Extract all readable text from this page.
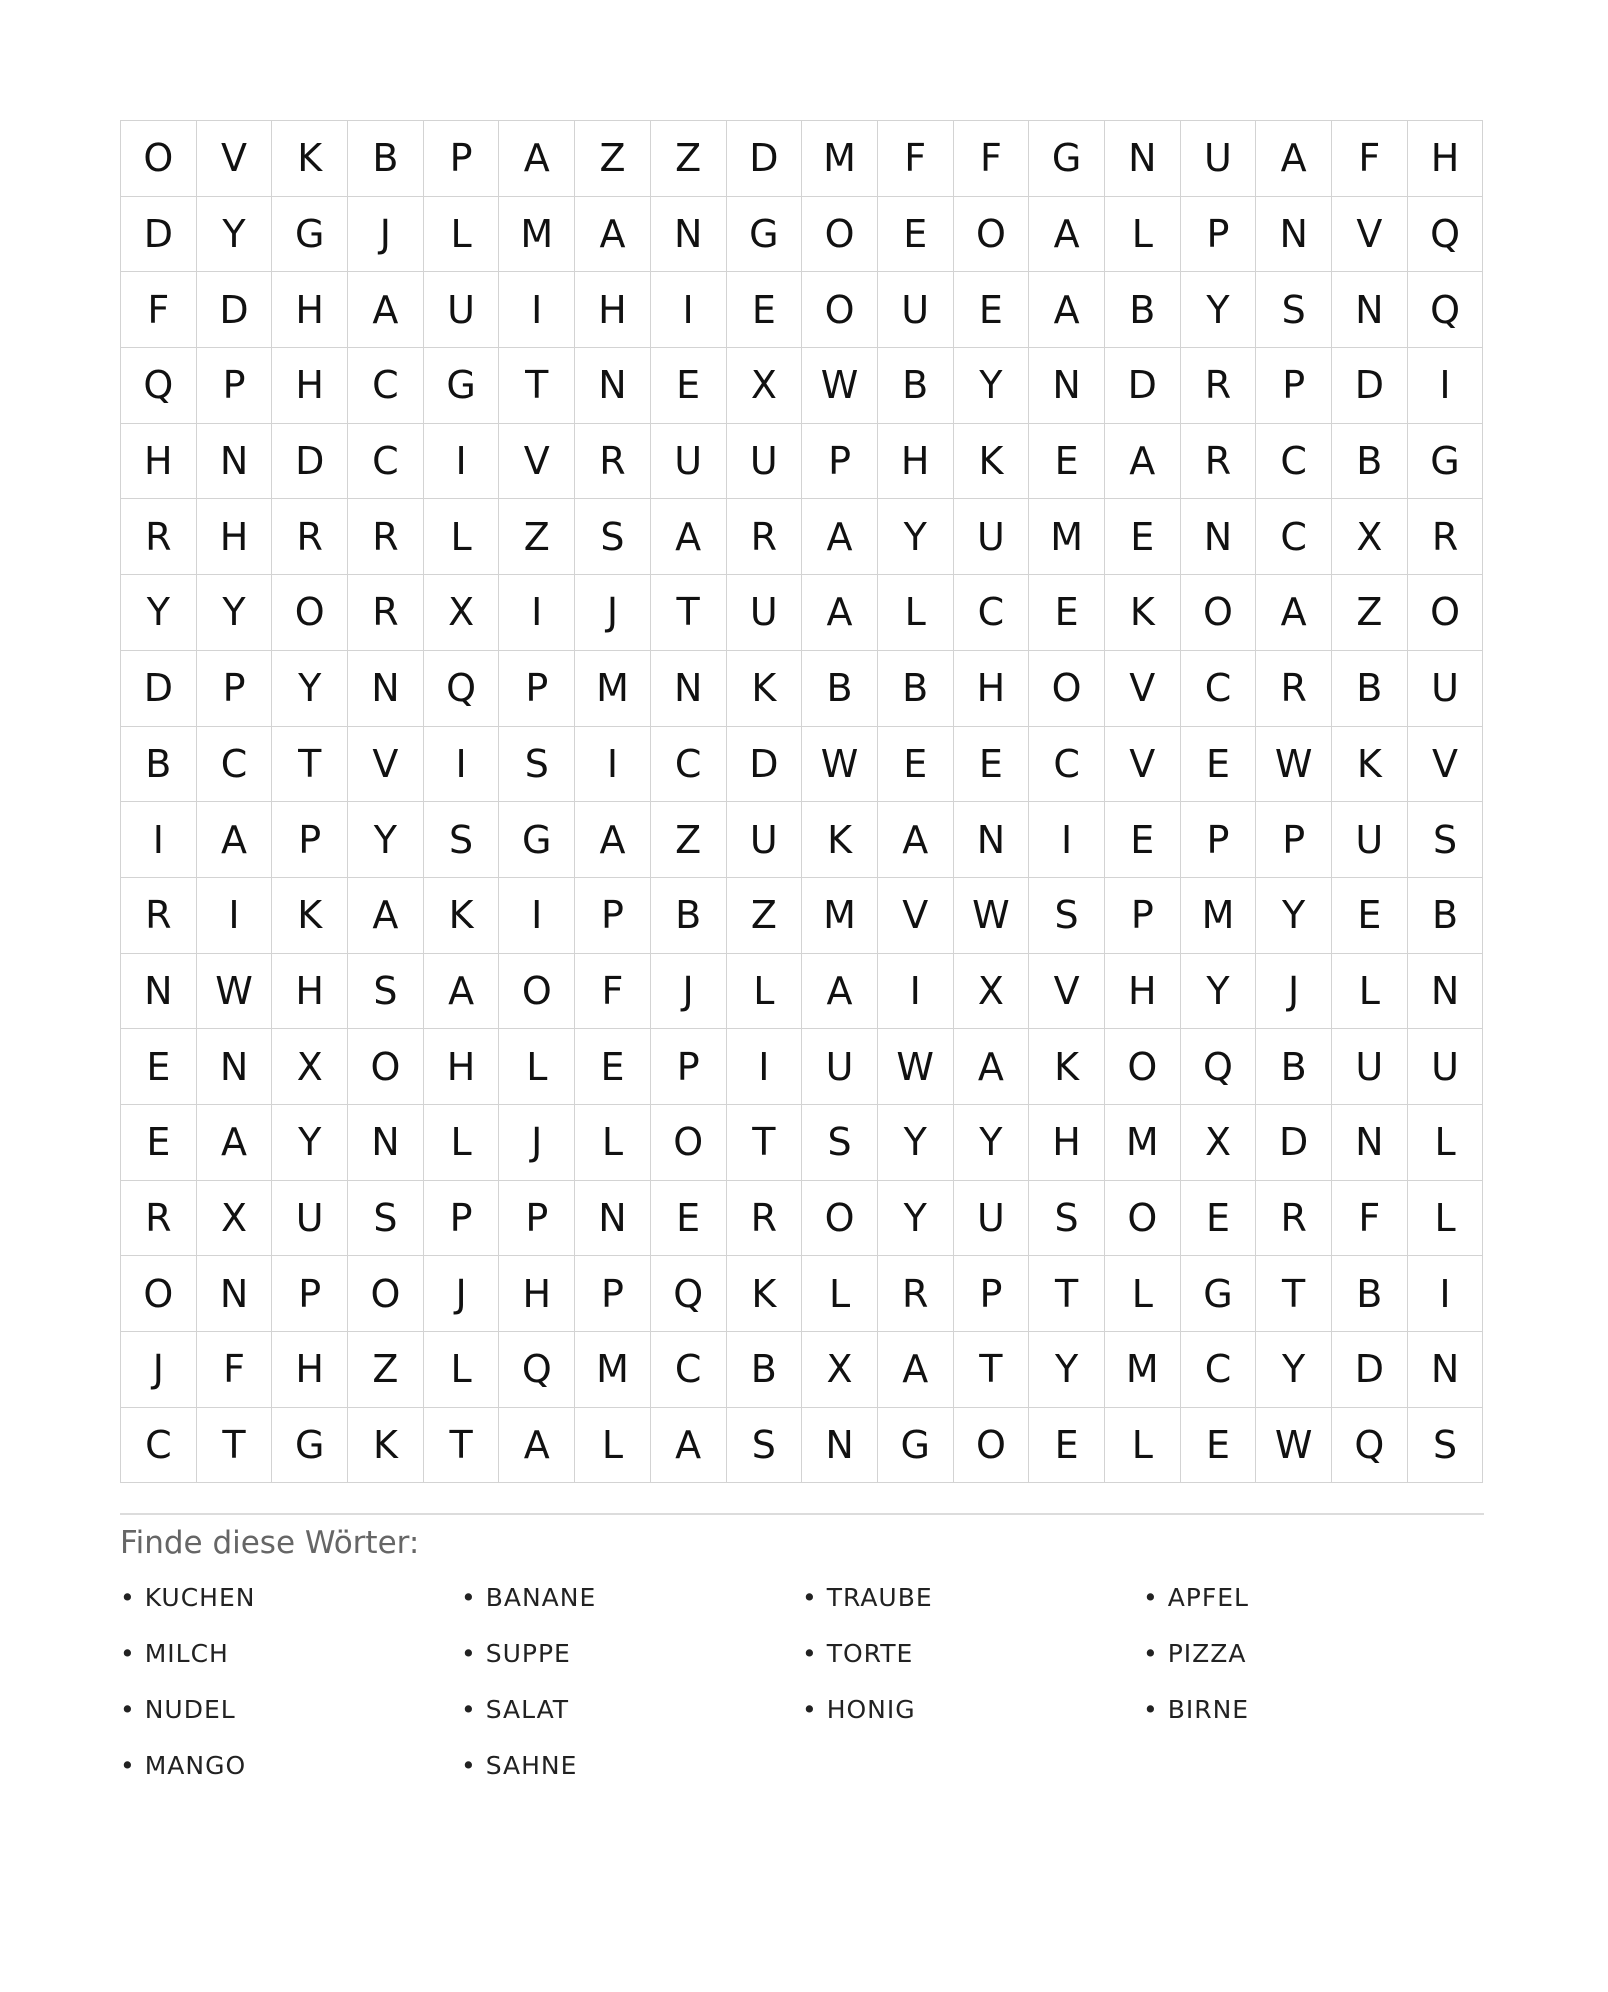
O	V	K	B	P	A	Z	Z	D	M	F	F	G	N	U	A	F	H
D	Y	G	J	L	M	A	N	G	O	E	O	A	L	P	N	V	Q
F	D	H	A	U	I	H	I	E	O	U	E	A	B	Y	S	N	Q
Q	P	H	C	G	T	N	E	X	W	B	Y	N	D	R	P	D	I
H	N	D	C	I	V	R	U	U	P	H	K	E	A	R	C	B	G
R	H	R	R	L	Z	S	A	R	A	Y	U	M	E	N	C	X	R
Y	Y	O	R	X	I	J	T	U	A	L	C	E	K	O	A	Z	O
D	P	Y	N	Q	P	M	N	K	B	B	H	O	V	C	R	B	U
B	C	T	V	I	S	I	C	D	W	E	E	C	V	E	W	K	V
I	A	P	Y	S	G	A	Z	U	K	A	N	I	E	P	P	U	S
R	I	K	A	K	I	P	B	Z	M	V	W	S	P	M	Y	E	B
N	W	H	S	A	O	F	J	L	A	I	X	V	H	Y	J	L	N
E	N	X	O	H	L	E	P	I	U	W	A	K	O	Q	B	U	U
E	A	Y	N	L	J	L	O	T	S	Y	Y	H	M	X	D	N	L
R	X	U	S	P	P	N	E	R	O	Y	U	S	O	E	R	F	L
O	N	P	O	J	H	P	Q	K	L	R	P	T	L	G	T	B	I
J	F	H	Z	L	Q	M	C	B	X	A	T	Y	M	C	Y	D	N
C	T	G	K	T	A	L	A	S	N	G	O	E	L	E	W	Q	S
Finde diese Wörter:
• KUCHEN	• BANANE	• TRAUBE	• APFEL
• MILCH	• SUPPE	• TORTE	• PIZZA
• NUDEL	• SALAT	• HONIG	• BIRNE
• MANGO	• SAHNE
